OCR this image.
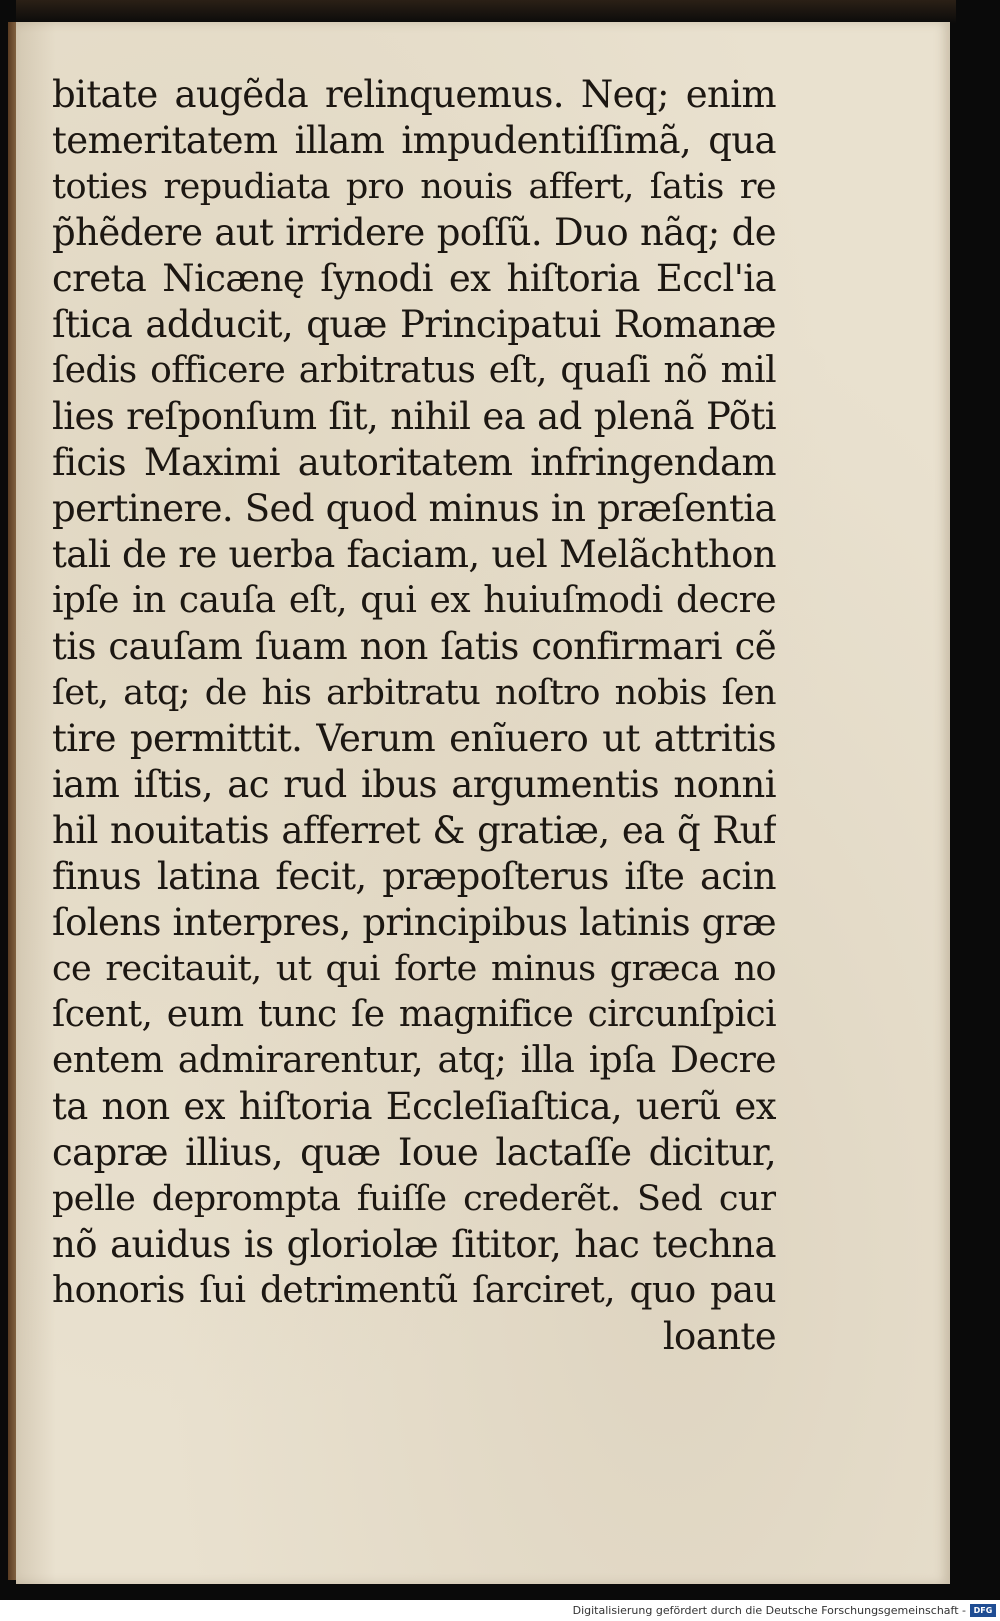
bitate augẽda relinquemus. Neq; enim
temeritatem illam impudentiſſimã, qua
toties repudiata pro nouis affert, ſatis re
p̃hẽdere aut irridere poſſũ. Duo nãq; de
creta Nicænę ſynodi ex hiſtoria Eccl'ia
ſtica adducit, quæ Principatui Romanæ
ſedis officere arbitratus eſt, quaſi nõ mil
lies reſponſum ſit, nihil ea ad plenã Põti
ficis Maximi autoritatem infringendam
pertinere. Sed quod minus in præſentia
tali de re uerba faciam, uel Melãchthon
ipſe in cauſa eſt, qui ex huiuſmodi decre
tis cauſam ſuam non ſatis confirmari cẽ
ſet, atq; de his arbitratu noſtro nobis ſen
tire permittit. Verum enĩuero ut attritis
iam iſtis, ac rud ibus argumentis nonni
hil nouitatis afferret & gratiæ, ea q̃ Ruf
finus latina fecit, præpoſterus iſte acin
ſolens interpres, principibus latinis græ
ce recitauit, ut qui forte minus græca no
ſcent, eum tunc ſe magnifice circunſpici
entem admirarentur, atq; illa ipſa Decre
ta non ex hiſtoria Eccleſiaſtica, uerũ ex
capræ illius, quæ Ioue lactaſſe dicitur,
pelle deprompta fuiſſe crederẽt. Sed cur
nõ auidus is gloriolæ ſititor, hac techna
honoris ſui detrimentũ ſarciret, quo pau
loante
Digitalisierung gefördert durch die Deutsche Forschungsgemeinschaft - DFG
